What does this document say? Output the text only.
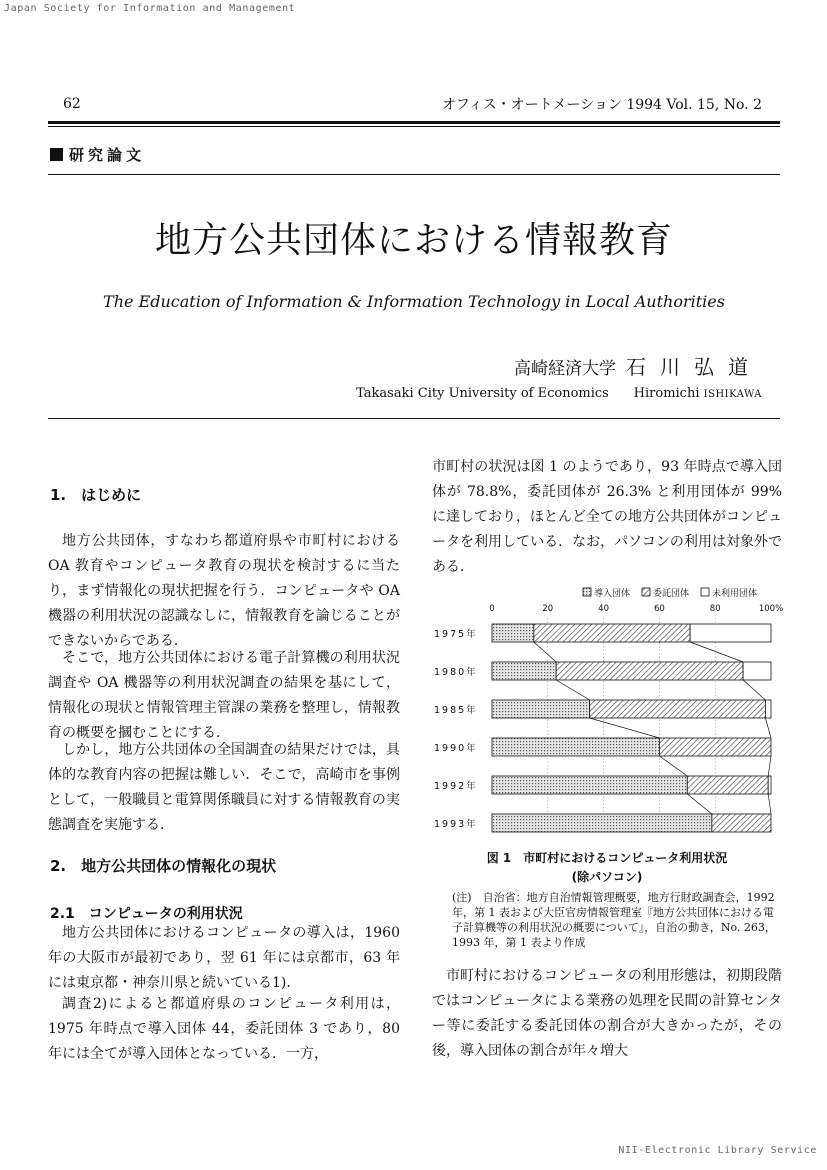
Japan Society for Information and Management
62	オフィス・オートメーション 1994 Vol. 15, No. 2
研究論文
地方公共団体における情報教育
The Education of Information & Information Technology in Local Authorities
高崎経済大学 石川弘道
Takasaki City University of Economics Hiromichi ISHIKAWA
1.　はじめに
地方公共団体，すなわち都道府県や市町村における OA 教育やコンピュータ教育の現状を検討するに当たり，まず情報化の現状把握を行う．コンピュータや OA 機器の利用状況の認識なしに，情報教育を論じることができないからである．
そこで，地方公共団体における電子計算機の利用状況調査や OA 機器等の利用状況調査の結果を基にして，情報化の現状と情報管理主管課の業務を整理し，情報教育の概要を摑むことにする．
しかし，地方公共団体の全国調査の結果だけでは，具体的な教育内容の把握は難しい．そこで，高崎市を事例として，一般職員と電算関係職員に対する情報教育の実態調査を実施する．
2.　地方公共団体の情報化の現状
2.1　コンピュータの利用状況
地方公共団体におけるコンピュータの導入は，1960 年の大阪市が最初であり，翌 61 年には京都市，63 年には東京都・神奈川県と続いている1)．
調査2)によると都道府県のコンピュータ利用は，1975 年時点で導入団体 44，委託団体 3 であり，80 年には全てが導入団体となっている．一方，
市町村の状況は図 1 のようであり，93 年時点で導入団体が 78.8%，委託団体が 26.3% と利用団体が 99% に達しており，ほとんど全ての地方公共団体がコンピュータを利用している．なお，パソコンの利用は対象外である．
導入団体	委託団体	未利用団体
0	20	40	60	80	100%
1975年
1980年
1985年
1990年
1992年
1993年
図 1　市町村におけるコンピュータ利用状況
(除パソコン)
(注)　自治省：地方自治情報管理概要，地方行財政調査会，1992 年，第 1 表および大臣官房情報管理室『地方公共団体における電子計算機等の利用状況の概要について』，自治の動き，No. 263，1993 年，第 1 表より作成
市町村におけるコンピュータの利用形態は，初期段階ではコンピュータによる業務の処理を民間の計算センター等に委託する委託団体の割合が大きかったが，その後，導入団体の割合が年々増大
NII-Electronic Library Service
